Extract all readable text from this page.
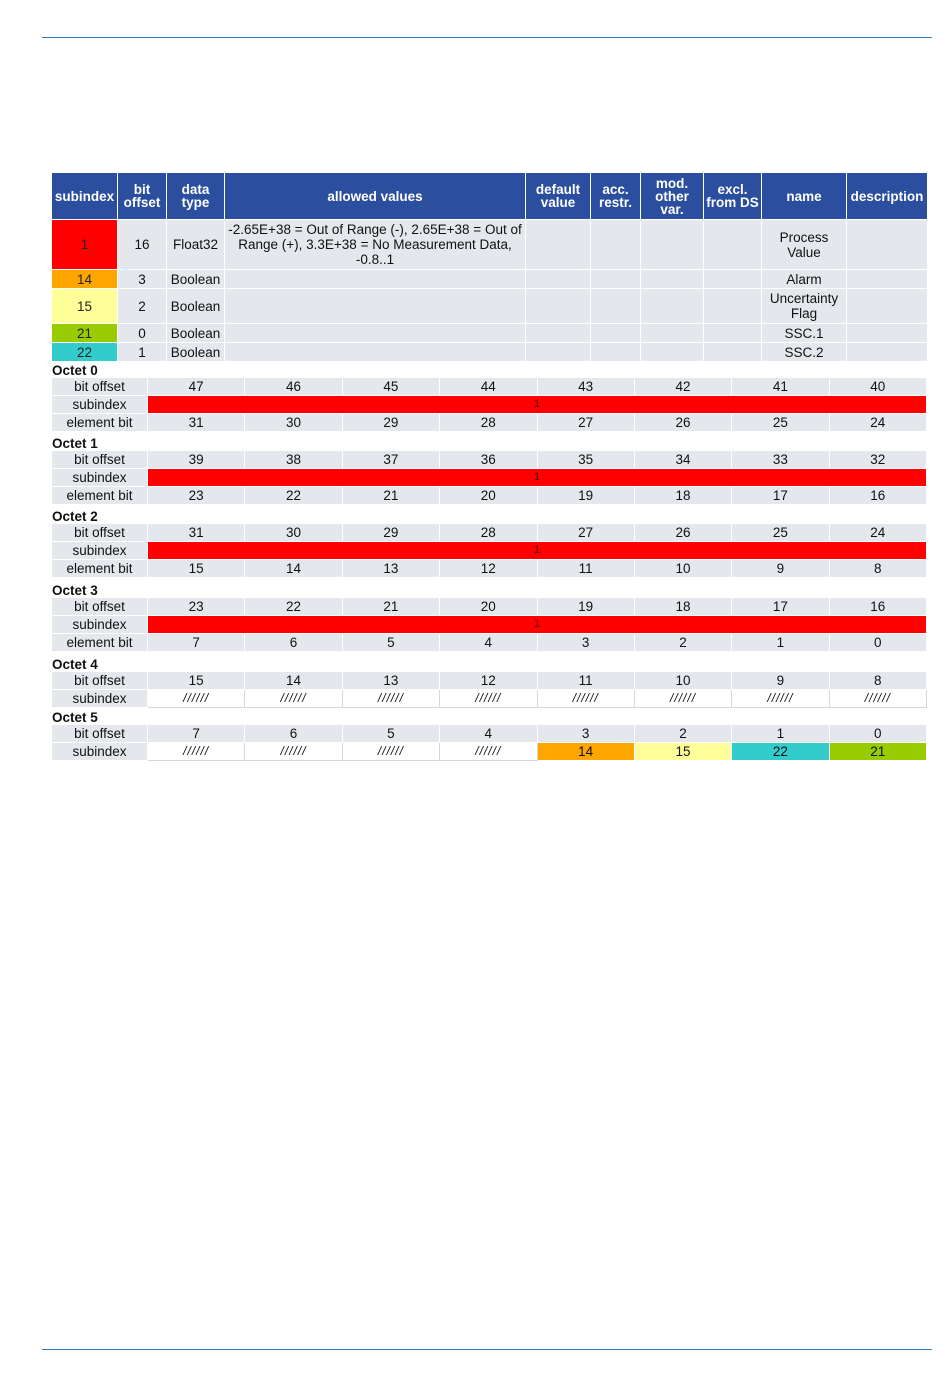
subindex	bit offset	data type	allowed values	default value	acc. restr.	mod. other var.	excl. from DS	name	description
1	16	Float32	-2.65E+38 = Out of Range (-), 2.65E+38 = Out of Range (+), 3.3E+38 = No Measurement Data, -0.8..1					Process Value	
14	3	Boolean						Alarm	
15	2	Boolean						Uncertainty Flag	
21	0	Boolean						SSC.1	
22	1	Boolean						SSC.2	
Octet 0
bit offset	47	46	45	44	43	42	41	40
subindex	1							
element bit	31	30	29	28	27	26	25	24
Octet 1
bit offset	39	38	37	36	35	34	33	32
subindex	1							
element bit	23	22	21	20	19	18	17	16
Octet 2
bit offset	31	30	29	28	27	26	25	24
subindex	1							
element bit	15	14	13	12	11	10	9	8
Octet 3
bit offset	23	22	21	20	19	18	17	16
subindex	1							
element bit	7	6	5	4	3	2	1	0
Octet 4
bit offset	15	14	13	12	11	10	9	8
subindex	//////	//////	//////	//////	//////	//////	//////	//////
Octet 5
bit offset	7	6	5	4	3	2	1	0
subindex	//////	//////	//////	//////	14	15	22	21
